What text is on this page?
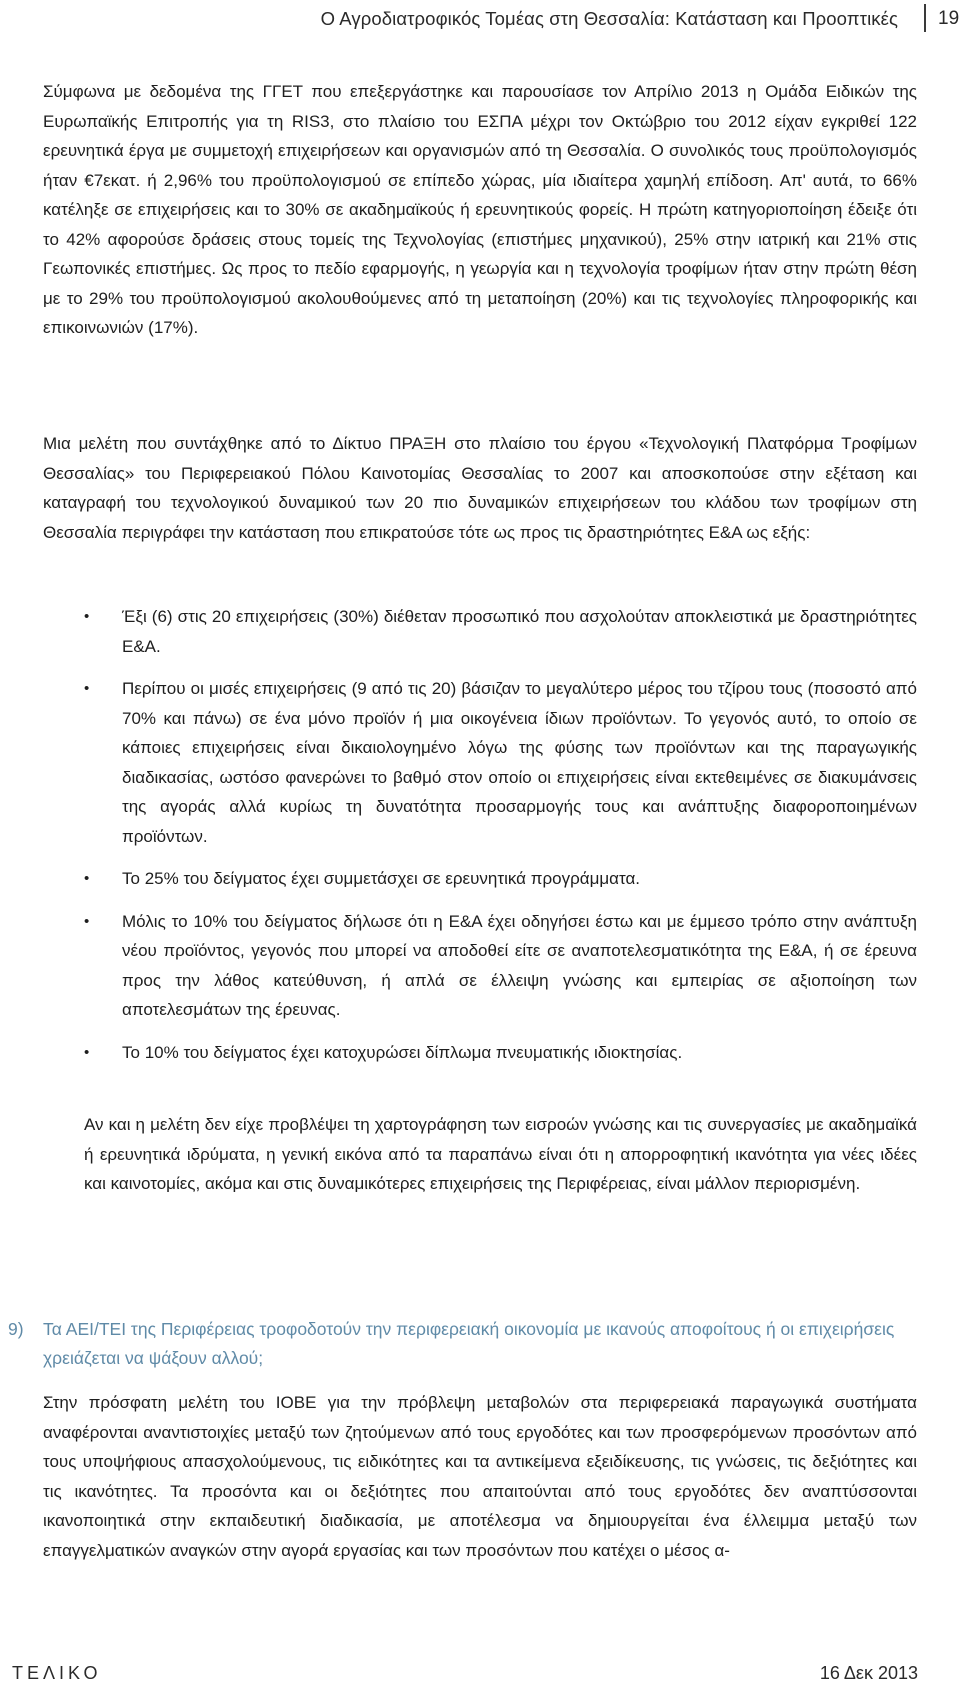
Ο Αγροδιατροφικός Τομέας στη Θεσσαλία: Κατάσταση και Προοπτικές 19

Σύμφωνα με δεδομένα της ΓΓΕΤ που επεξεργάστηκε και παρουσίασε τον Απρίλιο 2013 η Ομάδα Ειδικών της Ευρωπαϊκής Επιτροπής για τη RIS3, στο πλαίσιο του ΕΣΠΑ μέχρι τον Οκτώβριο του 2012 είχαν εγκριθεί 122 ερευνητικά έργα με συμμετοχή επιχειρήσεων και οργανισμών από τη Θεσσαλία. Ο συνολικός τους προϋπολογισμός ήταν €7εκατ. ή 2,96% του προϋπολογισμού σε επίπεδο χώρας, μία ιδιαίτερα χαμηλή επίδοση. Απ' αυτά, το 66% κατέληξε σε επιχειρήσεις και το 30% σε ακαδημαϊκούς ή ερευνητικούς φορείς. Η πρώτη κατηγοριοποίηση έδειξε ότι το 42% αφορούσε δράσεις στους τομείς της Τεχνολογίας (επιστήμες μηχανικού), 25% στην ιατρική και 21% στις Γεωπονικές επιστήμες. Ως προς το πεδίο εφαρμογής, η γεωργία και η τεχνολογία τροφίμων ήταν στην πρώτη θέση με το 29% του προϋπολογισμού ακολουθούμενες από τη μεταποίηση (20%) και τις τεχνολογίες πληροφορικής και επικοινωνιών (17%).

Μια μελέτη που συντάχθηκε από το Δίκτυο ΠΡΑΞΗ στο πλαίσιο του έργου «Τεχνολογική Πλατφόρμα Τροφίμων Θεσσαλίας» του Περιφερειακού Πόλου Καινοτομίας Θεσσαλίας το 2007 και αποσκοπούσε στην εξέταση και καταγραφή του τεχνολογικού δυναμικού των 20 πιο δυναμικών επιχειρήσεων του κλάδου των τροφίμων στη Θεσσαλία περιγράφει την κατάσταση που επικρατούσε τότε ως προς τις δραστηριότητες Ε&Α ως εξής:

• Έξι (6) στις 20 επιχειρήσεις (30%) διέθεταν προσωπικό που ασχολούταν αποκλειστικά με δραστηριότητες Ε&Α.
• Περίπου οι μισές επιχειρήσεις (9 από τις 20) βάσιζαν το μεγαλύτερο μέρος του τζίρου τους (ποσοστό από 70% και πάνω) σε ένα μόνο προϊόν ή μια οικογένεια ίδιων προϊόντων. Το γεγονός αυτό, το οποίο σε κάποιες επιχειρήσεις είναι δικαιολογημένο λόγω της φύσης των προϊόντων και της παραγωγικής διαδικασίας, ωστόσο φανερώνει το βαθμό στον οποίο οι επιχειρήσεις είναι εκτεθειμένες σε διακυμάνσεις της αγοράς αλλά κυρίως τη δυνατότητα προσαρμογής τους και ανάπτυξης διαφοροποιημένων προϊόντων.
• Το 25% του δείγματος έχει συμμετάσχει σε ερευνητικά προγράμματα.
• Μόλις το 10% του δείγματος δήλωσε ότι η Ε&Α έχει οδηγήσει έστω και με έμμεσο τρόπο στην ανάπτυξη νέου προϊόντος, γεγονός που μπορεί να αποδοθεί είτε σε αναποτελεσματικότητα της Ε&Α, ή σε έρευνα προς την λάθος κατεύθυνση, ή απλά σε έλλειψη γνώσης και εμπειρίας σε αξιοποίηση των αποτελεσμάτων της έρευνας.
• Το 10% του δείγματος έχει κατοχυρώσει δίπλωμα πνευματικής ιδιοκτησίας.

Αν και η μελέτη δεν είχε προβλέψει τη χαρτογράφηση των εισροών γνώσης και τις συνεργασίες με ακαδημαϊκά ή ερευνητικά ιδρύματα, η γενική εικόνα από τα παραπάνω είναι ότι η απορροφητική ικανότητα για νέες ιδέες και καινοτομίες, ακόμα και στις δυναμικότερες επιχειρήσεις της Περιφέρειας, είναι μάλλον περιορισμένη.

9) Τα ΑΕΙ/ΤΕΙ της Περιφέρειας τροφοδοτούν την περιφερειακή οικονομία με ικανούς αποφοίτους ή οι επιχειρήσεις χρειάζεται να ψάξουν αλλού;

Στην πρόσφατη μελέτη του ΙΟΒΕ για την πρόβλεψη μεταβολών στα περιφερειακά παραγωγικά συστήματα αναφέρονται αναντιστοιχίες μεταξύ των ζητούμενων από τους εργοδότες και των προσφερόμενων προσόντων από τους υποψήφιους απασχολούμενους, τις ειδικότητες και τα αντικείμενα εξειδίκευσης, τις γνώσεις, τις δεξιότητες και τις ικανότητες. Τα προσόντα και οι δεξιότητες που απαιτούνται από τους εργοδότες δεν αναπτύσσονται ικανοποιητικά στην εκπαιδευτική διαδικασία, με αποτέλεσμα να δημιουργείται ένα έλλειμμα μεταξύ των επαγγελματικών αναγκών στην αγορά εργασίας και των προσόντων που κατέχει ο μέσος α-

ΤΕΛΙΚΟ	16 Δεκ 2013
